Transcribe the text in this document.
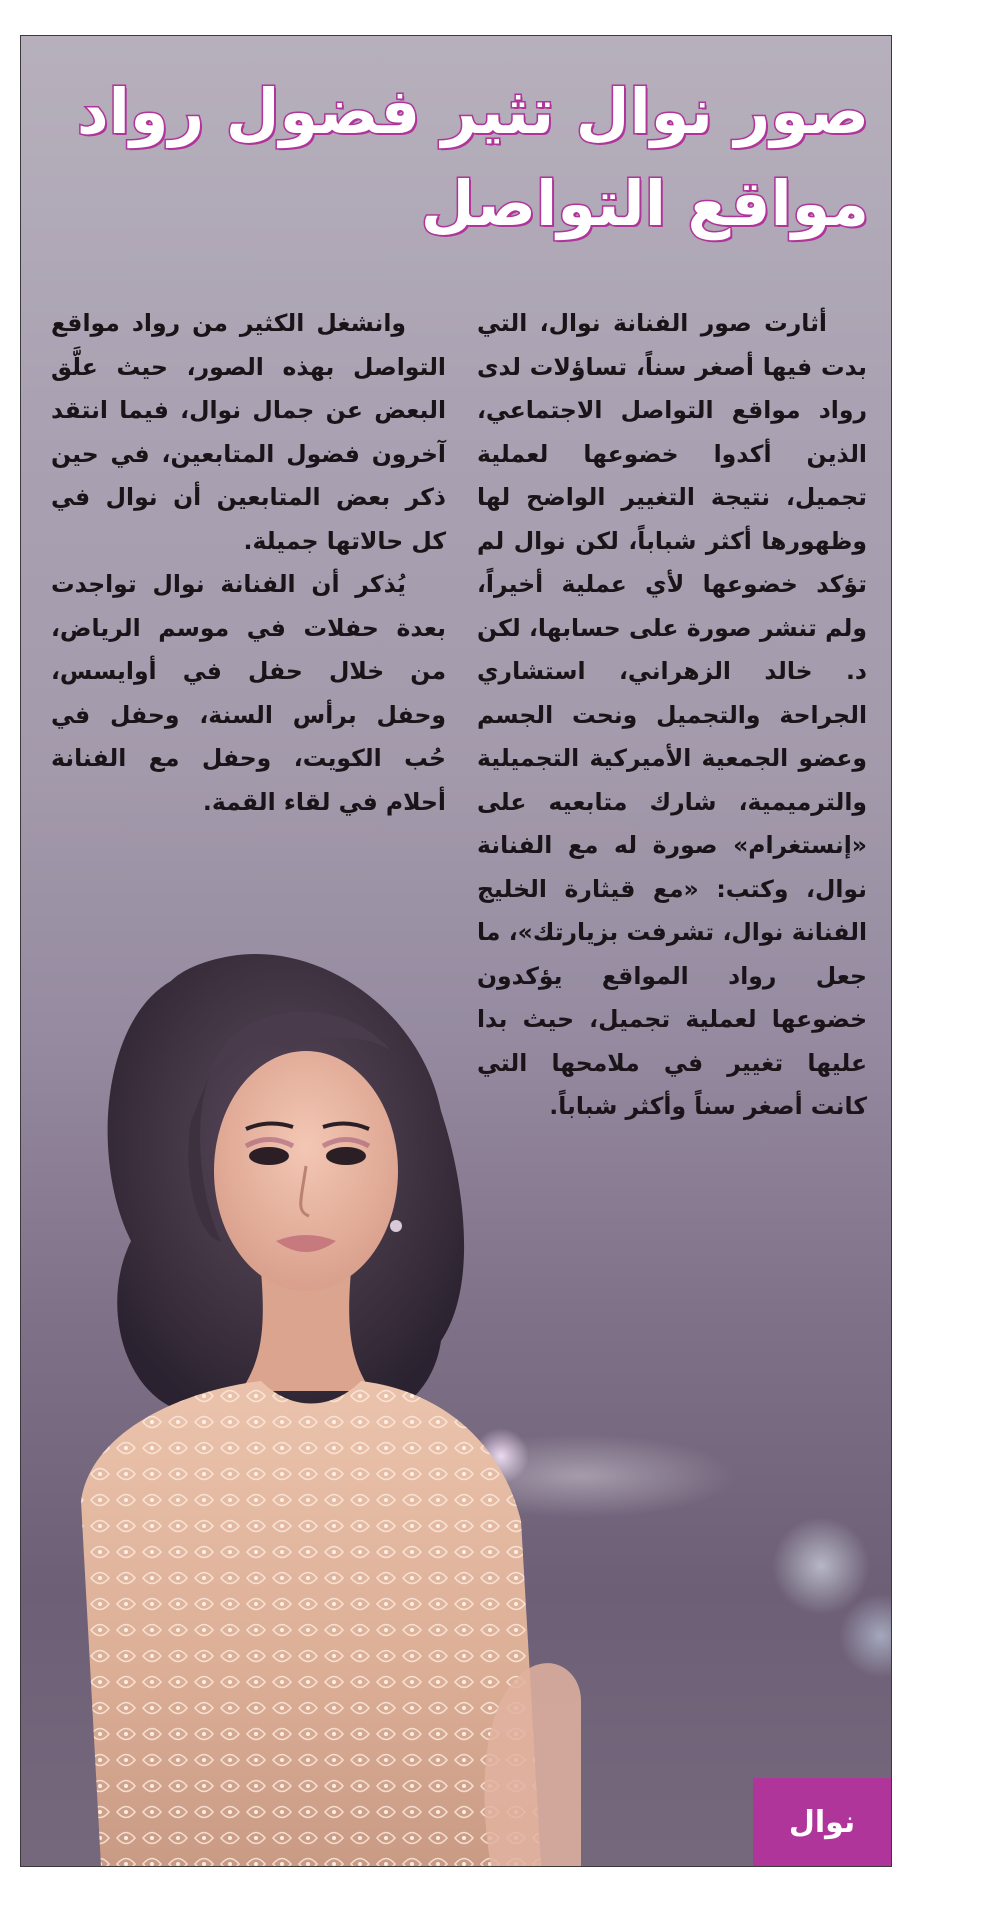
صور نوال تثير فضول رواد مواقع التواصل

أثارت صور الفنانة نوال، التي بدت فيها أصغر سناً، تساؤلات لدى رواد مواقع التواصل الاجتماعي، الذين أكدوا خضوعها لعملية تجميل، نتيجة التغيير الواضح لها وظهورها أكثر شباباً، لكن نوال لم تؤكد خضوعها لأي عملية أخيراً، ولم تنشر صورة على حسابها، لكن د. خالد الزهراني، استشاري الجراحة والتجميل ونحت الجسم وعضو الجمعية الأميركية التجميلية والترميمية، شارك متابعيه على «إنستغرام» صورة له مع الفنانة نوال، وكتب: «مع قيثارة الخليج الفنانة نوال، تشرفت بزيارتك»، ما جعل رواد المواقع يؤكدون خضوعها لعملية تجميل، حيث بدا عليها تغيير في ملامحها التي كانت أصغر سناً وأكثر شباباً.

وانشغل الكثير من رواد مواقع التواصل بهذه الصور، حيث علَّق البعض عن جمال نوال، فيما انتقد آخرون فضول المتابعين، في حين ذكر بعض المتابعين أن نوال في كل حالاتها جميلة.

يُذكر أن الفنانة نوال تواجدت بعدة حفلات في موسم الرياض، من خلال حفل في أوايسس، وحفل برأس السنة، وحفل في حُب الكويت، وحفل مع الفنانة أحلام في لقاء القمة.

نوال
